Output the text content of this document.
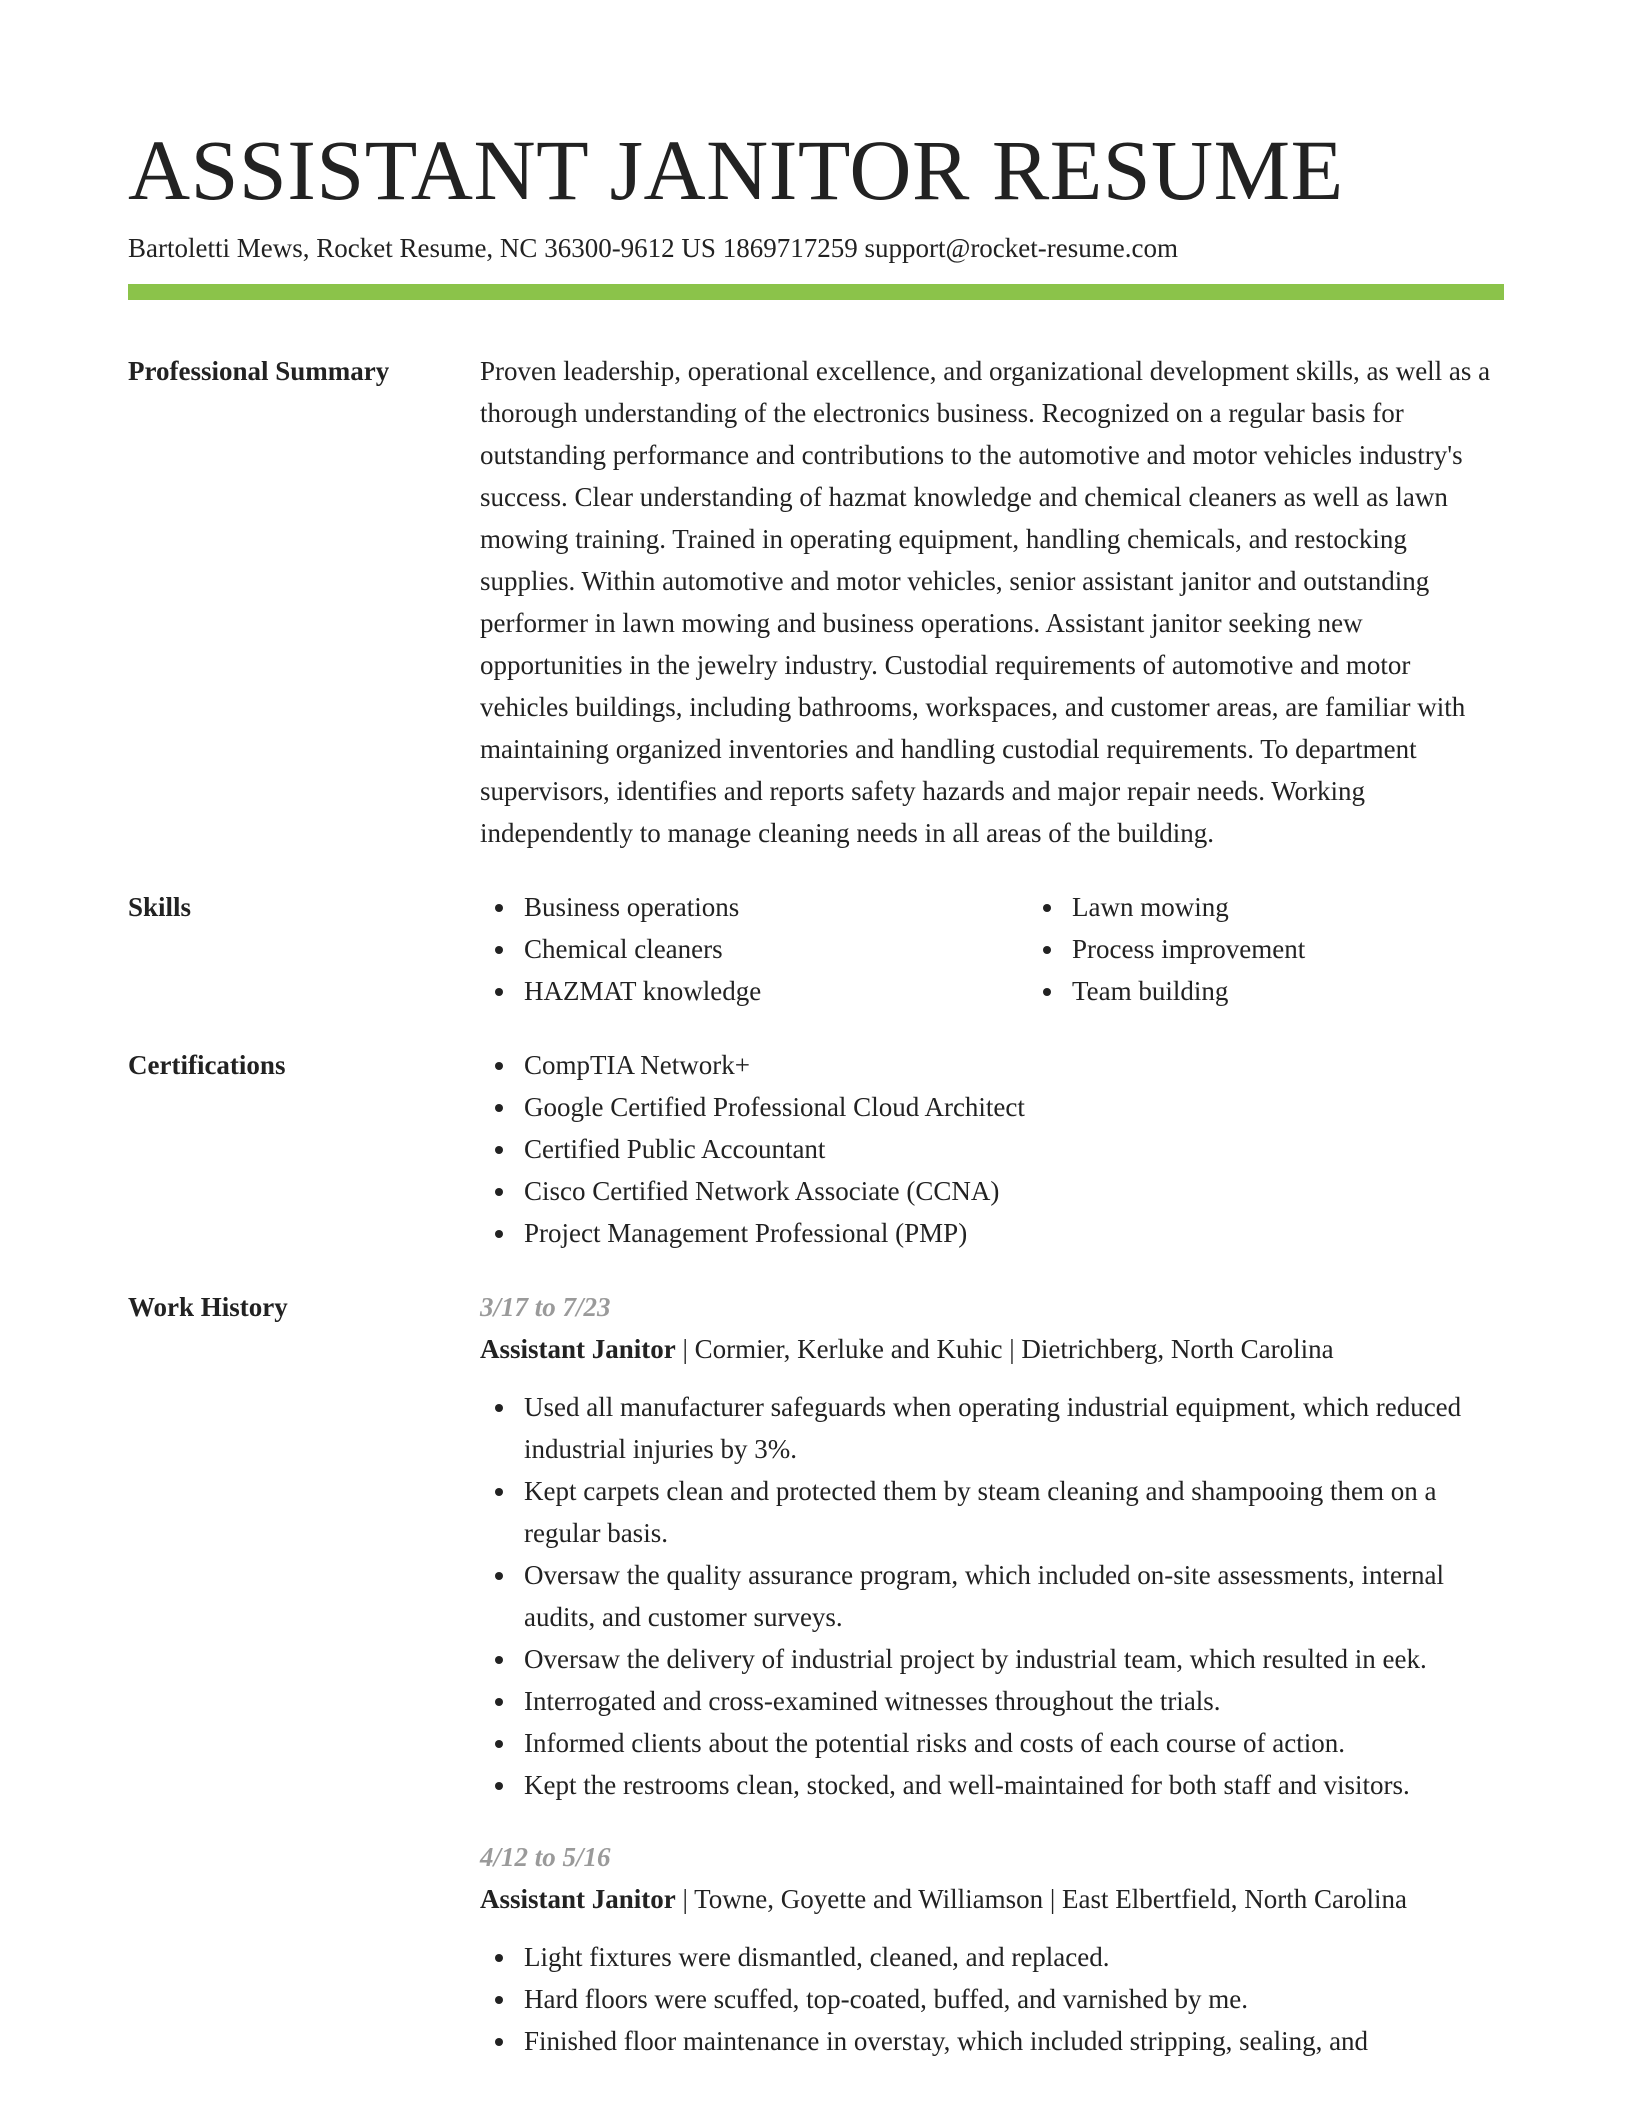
ASSISTANT JANITOR RESUME
Bartoletti Mews, Rocket Resume, NC 36300-9612 US 1869717259 support@rocket-resume.com
Professional Summary	Proven leadership, operational excellence, and organizational development skills, as well as a thorough understanding of the electronics business. Recognized on a regular basis for outstanding performance and contributions to the automotive and motor vehicles industry's success. Clear understanding of hazmat knowledge and chemical cleaners as well as lawn mowing training. Trained in operating equipment, handling chemicals, and restocking supplies. Within automotive and motor vehicles, senior assistant janitor and outstanding performer in lawn mowing and business operations. Assistant janitor seeking new opportunities in the jewelry industry. Custodial requirements of automotive and motor vehicles buildings, including bathrooms, workspaces, and customer areas, are familiar with maintaining organized inventories and handling custodial requirements. To department supervisors, identifies and reports safety hazards and major repair needs. Working independently to manage cleaning needs in all areas of the building.

Skills	Business operations
Chemical cleaners
HAZMAT knowledge
Lawn mowing
Process improvement
Team building
Certifications	CompTIA Network+
Google Certified Professional Cloud Architect
Certified Public Accountant
Cisco Certified Network Associate (CCNA)
Project Management Professional (PMP)
Work History	3/17 to 7/23
Assistant Janitor | Cormier, Kerluke and Kuhic | Dietrichberg, North Carolina
Used all manufacturer safeguards when operating industrial equipment, which reduced industrial injuries by 3%.
Kept carpets clean and protected them by steam cleaning and shampooing them on a regular basis.
Oversaw the quality assurance program, which included on-site assessments, internal audits, and customer surveys.
Oversaw the delivery of industrial project by industrial team, which resulted in eek.
Interrogated and cross-examined witnesses throughout the trials.
Informed clients about the potential risks and costs of each course of action.
Kept the restrooms clean, stocked, and well-maintained for both staff and visitors.
4/12 to 5/16
Assistant Janitor | Towne, Goyette and Williamson | East Elbertfield, North Carolina
Light fixtures were dismantled, cleaned, and replaced.
Hard floors were scuffed, top-coated, buffed, and varnished by me.
Finished floor maintenance in overstay, which included stripping, sealing, and
